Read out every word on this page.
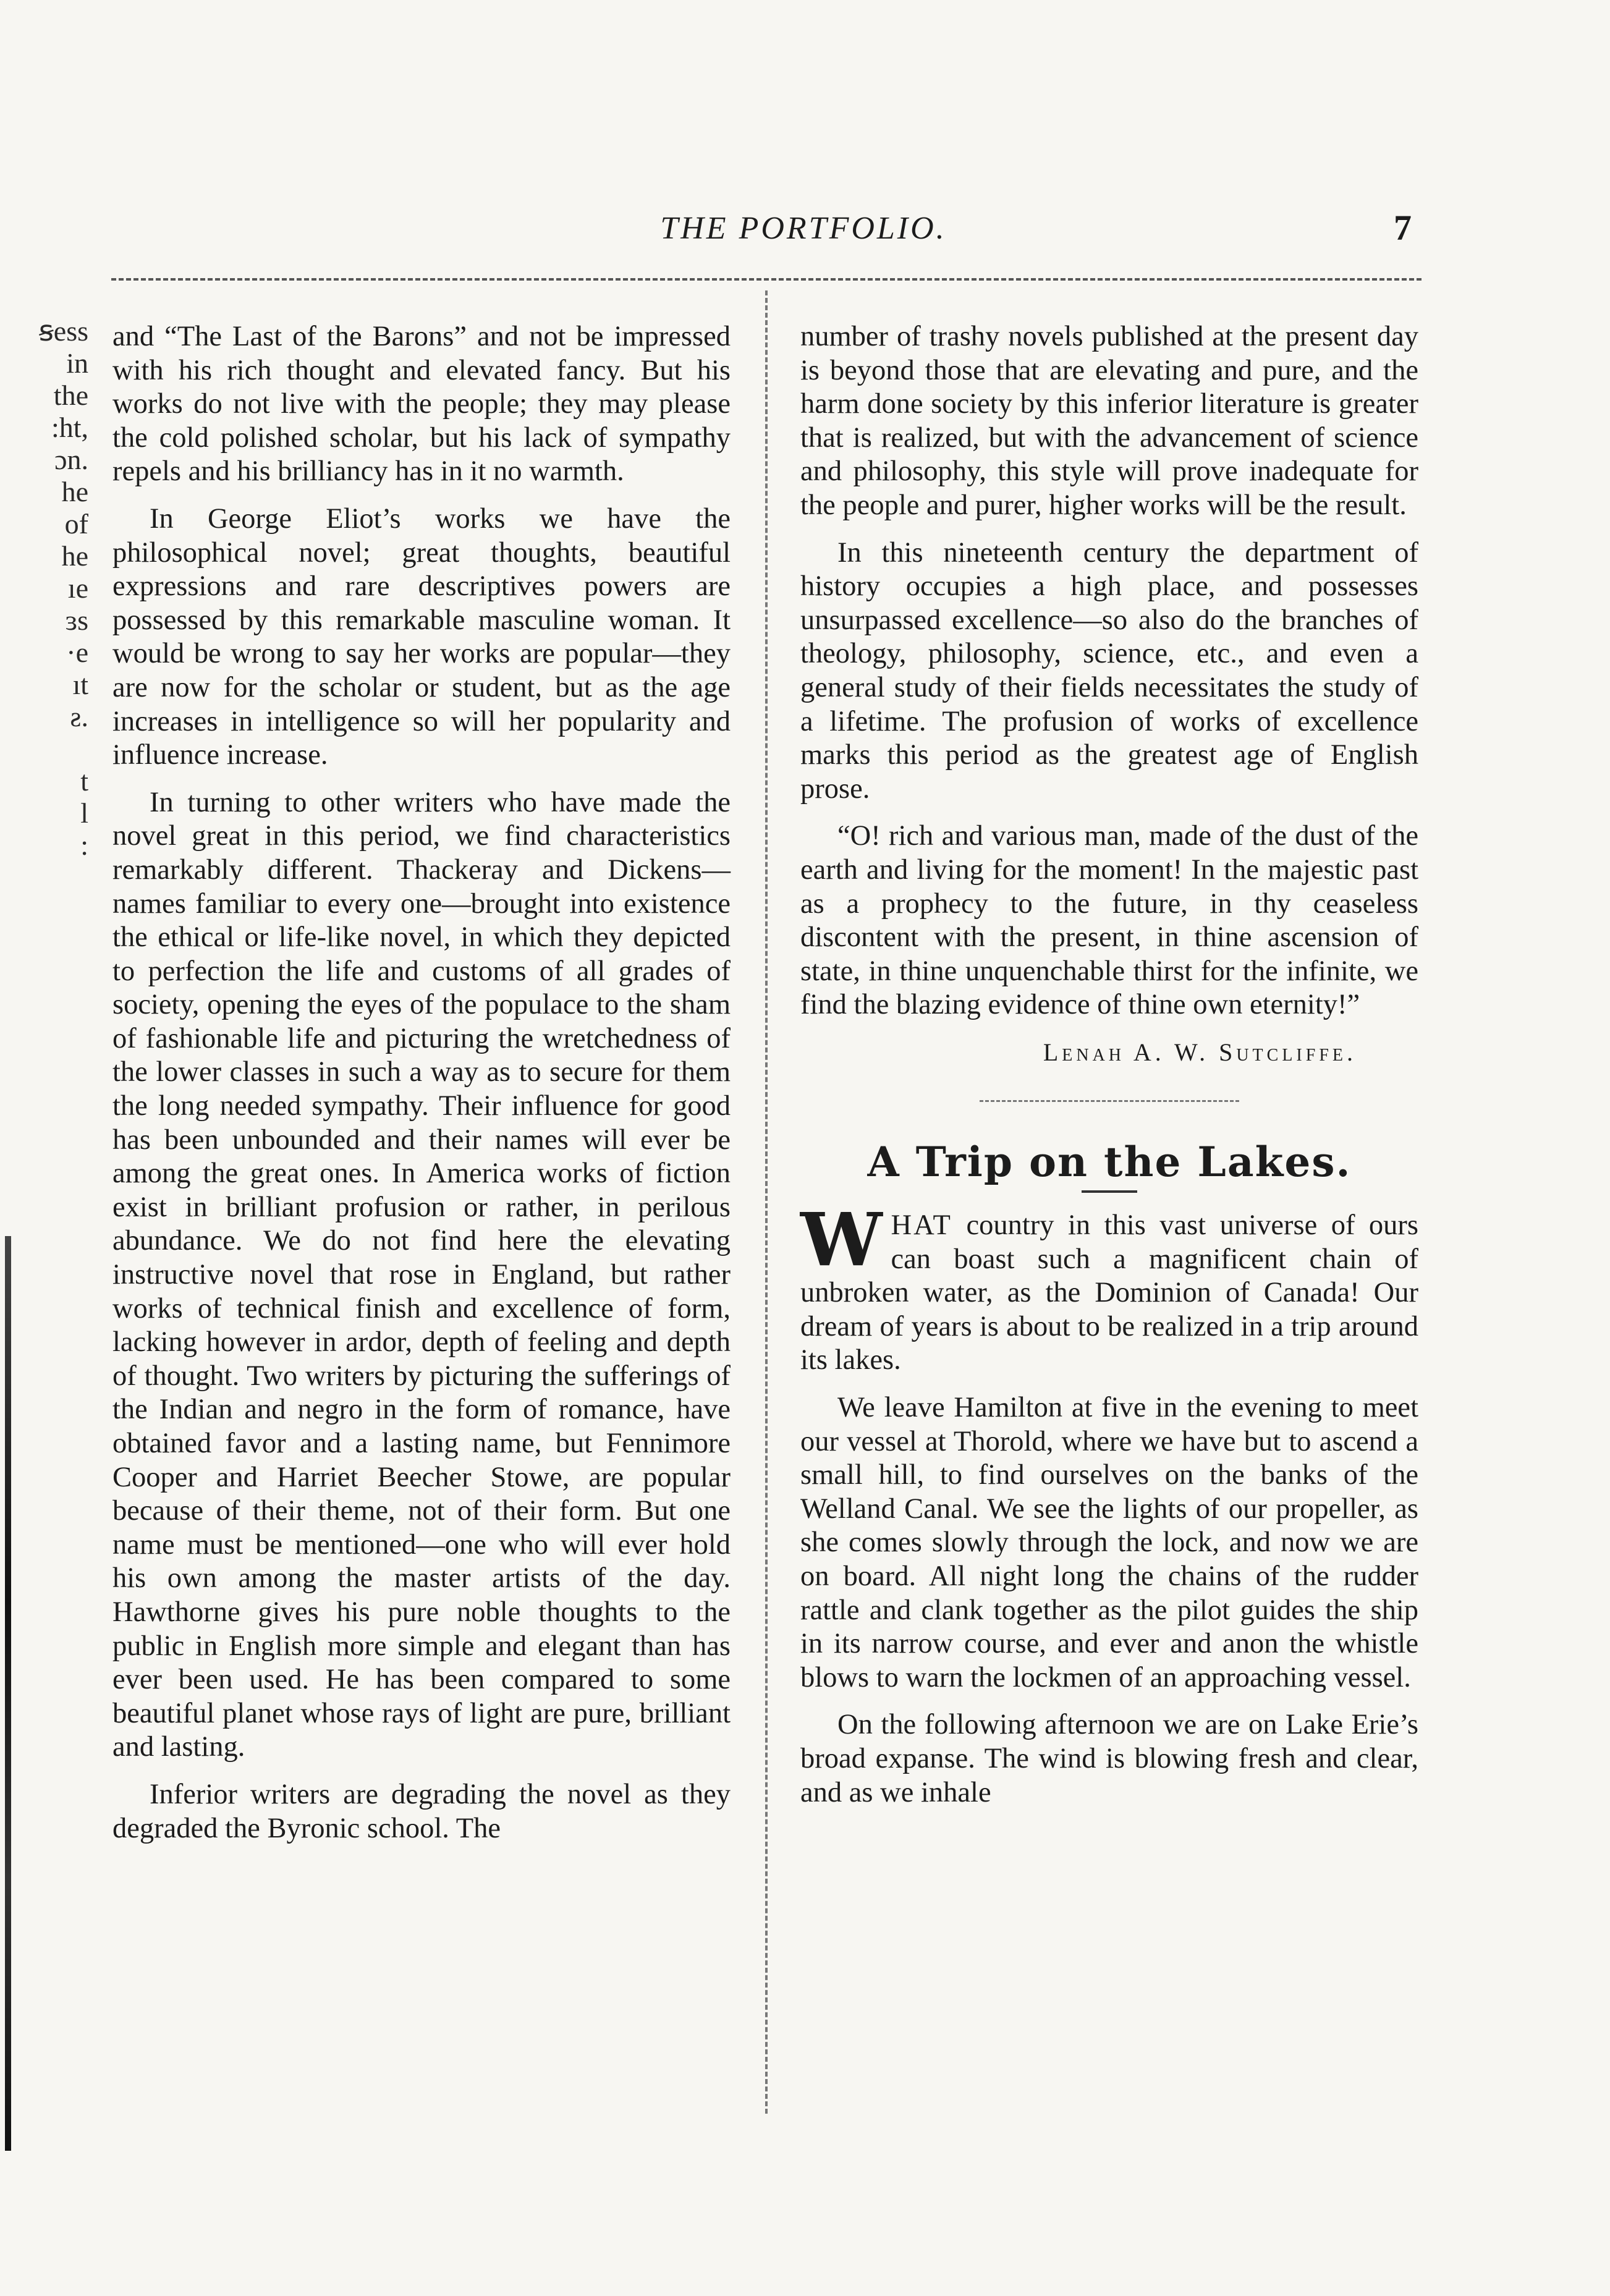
THE PORTFOLIO.	7
ꞩess
in
the
:ht,
ɔn.
he
of
he
ıe
ɜs
·e
ıt
ƨ.

t
l
:

and “The Last of the Barons” and not be impressed with his rich thought and elevated fancy. But his works do not live with the people; they may please the cold polished scholar, but his lack of sympathy repels and his brilliancy has in it no warmth.

In George Eliot’s works we have the philosophical novel; great thoughts, beautiful expressions and rare descriptives powers are possessed by this remarkable masculine woman. It would be wrong to say her works are popular—they are now for the scholar or student, but as the age increases in intelligence so will her popularity and influence increase.

In turning to other writers who have made the novel great in this period, we find characteristics remarkably different. Thackeray and Dickens—names familiar to every one—brought into existence the ethical or life-like novel, in which they depicted to perfection the life and customs of all grades of society, opening the eyes of the populace to the sham of fashionable life and picturing the wretchedness of the lower classes in such a way as to secure for them the long needed sympathy. Their influence for good has been unbounded and their names will ever be among the great ones. In America works of fiction exist in brilliant profusion or rather, in perilous abundance. We do not find here the elevating instructive novel that rose in England, but rather works of technical finish and excellence of form, lacking however in ardor, depth of feeling and depth of thought. Two writers by picturing the sufferings of the Indian and negro in the form of romance, have obtained favor and a lasting name, but Fennimore Cooper and Harriet Beecher Stowe, are popular because of their theme, not of their form. But one name must be mentioned—one who will ever hold his own among the master artists of the day. Hawthorne gives his pure noble thoughts to the public in English more simple and elegant than has ever been used. He has been compared to some beautiful planet whose rays of light are pure, brilliant and lasting.

Inferior writers are degrading the novel as they degraded the Byronic school. The

number of trashy novels published at the present day is beyond those that are elevating and pure, and the harm done society by this inferior literature is greater that is realized, but with the advancement of science and philosophy, this style will prove inadequate for the people and purer, higher works will be the result.

In this nineteenth century the department of history occupies a high place, and possesses unsurpassed excellence—so also do the branches of theology, philosophy, science, etc., and even a general study of their fields necessitates the study of a lifetime. The profusion of works of excellence marks this period as the greatest age of English prose.

“O! rich and various man, made of the dust of the earth and living for the moment! In the majestic past as a prophecy to the future, in thy ceaseless discontent with the present, in thine ascension of state, in thine unquenchable thirst for the infinite, we find the blazing evidence of thine own eternity!”

Lenah A. W. Sutcliffe.
A Trip on the Lakes.

WHAT country in this vast universe of ours can boast such a magnificent chain of unbroken water, as the Dominion of Canada! Our dream of years is about to be realized in a trip around its lakes.

We leave Hamilton at five in the evening to meet our vessel at Thorold, where we have but to ascend a small hill, to find ourselves on the banks of the Welland Canal. We see the lights of our propeller, as she comes slowly through the lock, and now we are on board. All night long the chains of the rudder rattle and clank together as the pilot guides the ship in its narrow course, and ever and anon the whistle blows to warn the lockmen of an approaching vessel.

On the following afternoon we are on Lake Erie’s broad expanse. The wind is blowing fresh and clear, and as we inhale
